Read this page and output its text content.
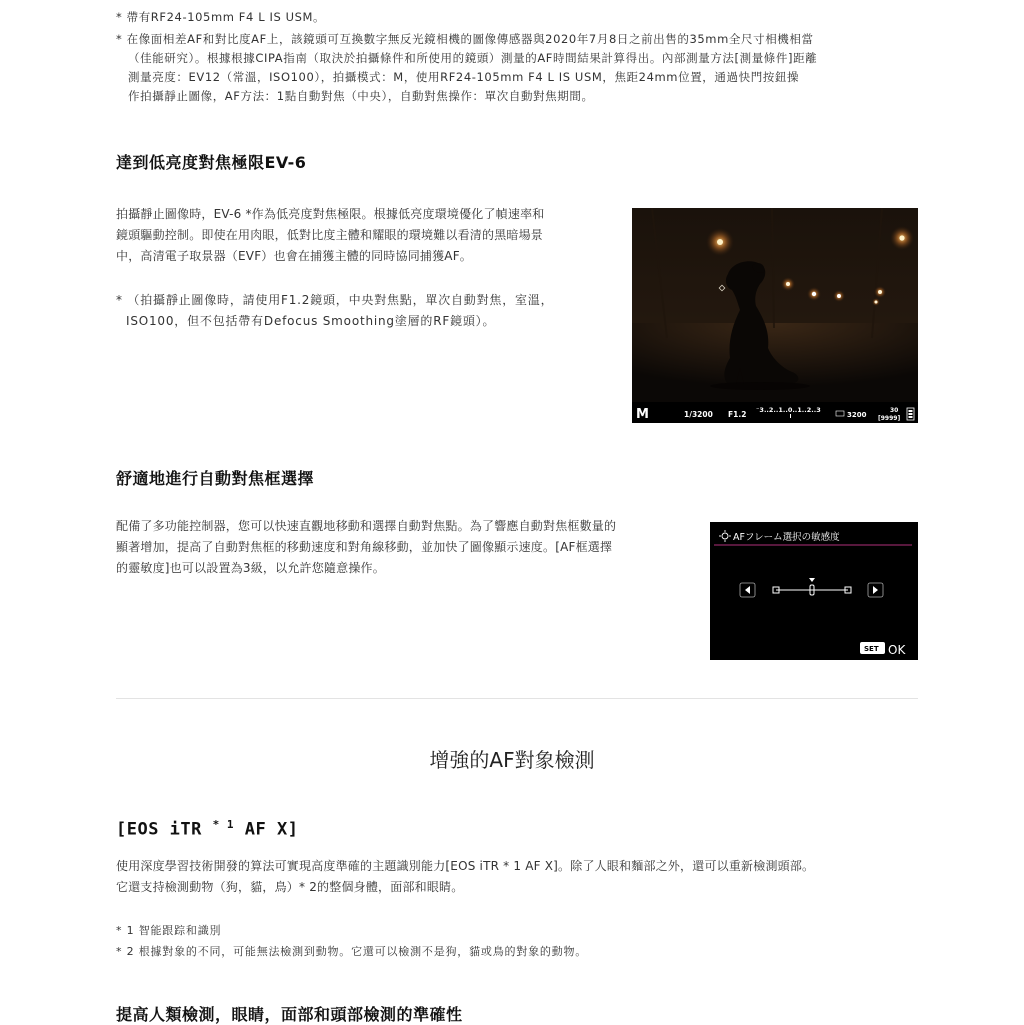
* 帶有RF24-105mm F4 L IS USM。
* 在像面相差AF和對比度AF上，該鏡頭可互換數字無反光鏡相機的圖像傳感器與2020年7月8日之前出售的35mm全尺寸相機相當

（佳能研究）。根據根據CIPA指南（取決於拍攝條件和所使用的鏡頭）測量的AF時間結果計算得出。內部測量方法[測量條件]距離
測量亮度：EV12（常溫，ISO100），拍攝模式：M，使用RF24-105mm F4 L IS USM，焦距24mm位置，通過快門按鈕操
作拍攝靜止圖像，AF方法：1點自動對焦（中央），自動對焦操作：單次自動對焦期間。
達到低亮度對焦極限EV-6

拍攝靜止圖像時，EV-6 *作為低亮度對焦極限。根據低亮度環境優化了幀速率和
鏡頭驅動控制。即使在用肉眼，低對比度主體和耀眼的環境難以看清的黑暗場景
中，高清電子取景器（EVF）也會在捕獲主體的同時協同捕獲AF。

* （拍攝靜止圖像時，請使用F1.2鏡頭，中央對焦點，單次自動對焦，室溫，
ISO100，但不包括帶有Defocus Smoothing塗層的RF鏡頭）。

M	1/3200 F1.2 ⁻3..2..1..0..1..2..3
3200
30
[9999]
舒適地進行自動對焦框選擇

配備了多功能控制器，您可以快速直觀地移動和選擇自動對焦點。為了響應自動對焦框數量的
顯著增加，提高了自動對焦框的移動速度和對角線移動，並加快了圖像顯示速度。[AF框選擇
的靈敏度]也可以設置為3級，以允許您隨意操作。

AFフレーム選択の敏感度
SET OK
增強的AF對象檢測
[EOS iTR $^{* 1}$ AF X]

使用深度學習技術開發的算法可實現高度準確的主題識別能力[EOS iTR * 1 AF X]。除了人眼和麵部之外，還可以重新檢測頭部。
它還支持檢測動物（狗，貓，鳥）* 2的整個身體，面部和眼睛。

* 1 智能跟踪和識別
* 2 根據對象的不同，可能無法檢測到動物。它還可以檢測不是狗，貓或鳥的對象的動物。

提高人類檢測，眼睛，面部和頭部檢測的準確性
